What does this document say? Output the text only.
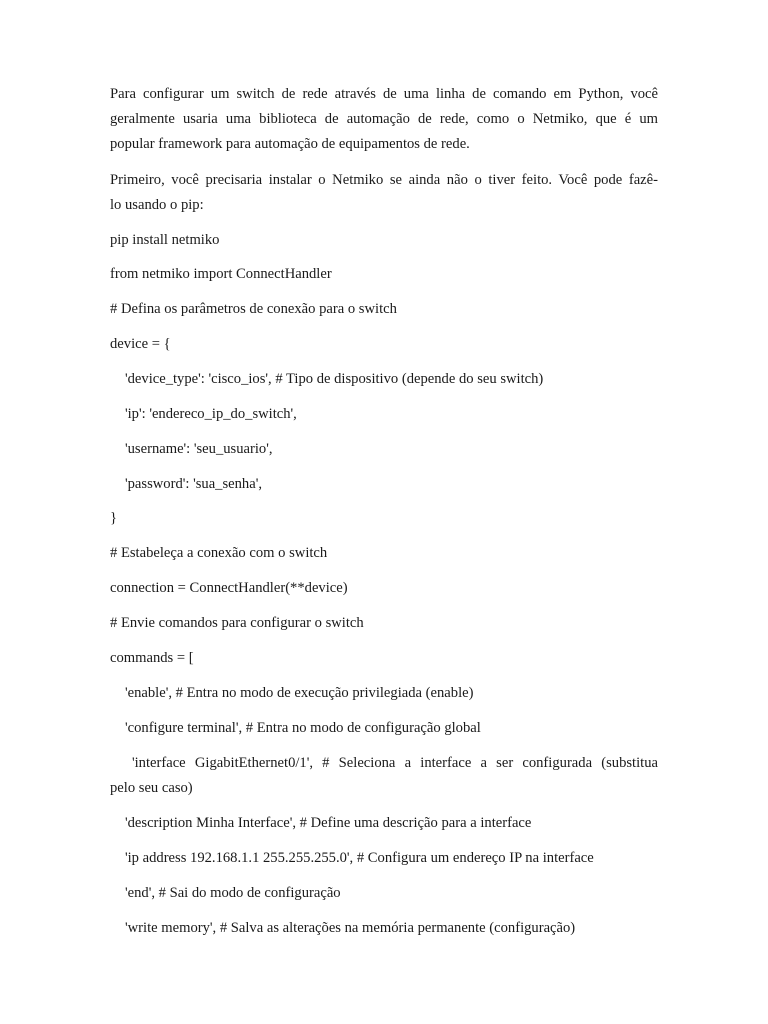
Para configurar um switch de rede através de uma linha de comando em Python, você
geralmente usaria uma biblioteca de automação de rede, como o Netmiko, que é um
popular framework para automação de equipamentos de rede.
Primeiro, você precisaria instalar o Netmiko se ainda não o tiver feito. Você pode fazê-
lo usando o pip:
pip install netmiko
from netmiko import ConnectHandler
# Defina os parâmetros de conexão para o switch
device = {
'device_type': 'cisco_ios', # Tipo de dispositivo (depende do seu switch)
'ip': 'endereco_ip_do_switch',
'username': 'seu_usuario',
'password': 'sua_senha',
}
# Estabeleça a conexão com o switch
connection = ConnectHandler(**device)
# Envie comandos para configurar o switch
commands = [
'enable', # Entra no modo de execução privilegiada (enable)
'configure terminal', # Entra no modo de configuração global
'interface GigabitEthernet0/1', # Seleciona a interface a ser configurada (substitua
pelo seu caso)
'description Minha Interface', # Define uma descrição para a interface
'ip address 192.168.1.1 255.255.255.0', # Configura um endereço IP na interface
'end', # Sai do modo de configuração
'write memory', # Salva as alterações na memória permanente (configuração)
